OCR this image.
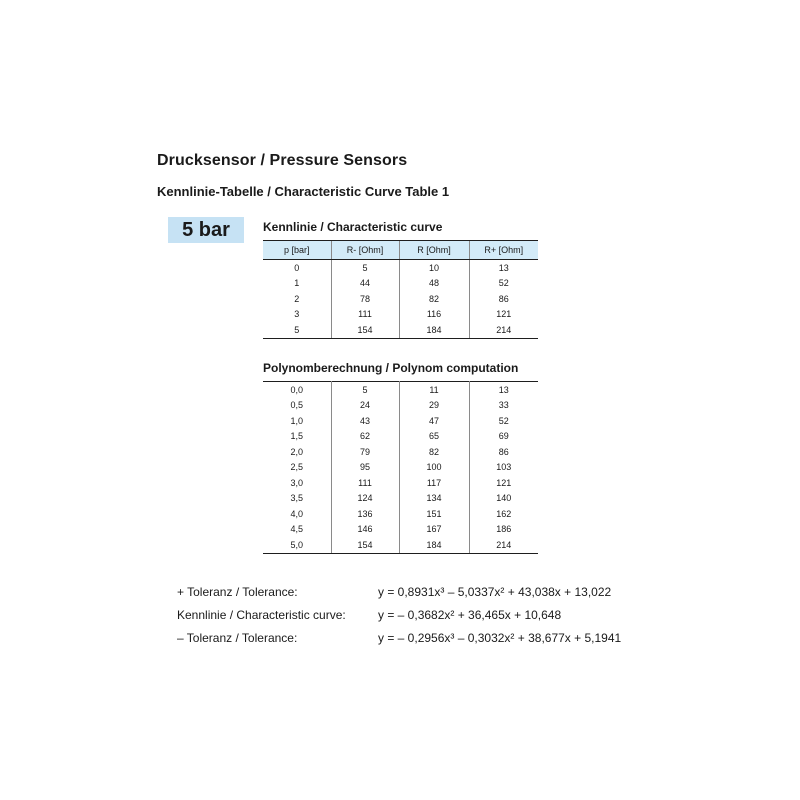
Drucksensor / Pressure Sensors
Kennlinie-Tabelle / Characteristic Curve Table 1
5 bar	Kennlinie / Characteristic curve
p [bar]	R- [Ohm]	R [Ohm]	R+ [Ohm]
0	5	10	13
1	44	48	52
2	78	82	86
3	111	116	121
5	154	184	214
Polynomberechnung / Polynom computation
0,0	5	11	13
0,5	24	29	33
1,0	43	47	52
1,5	62	65	69
2,0	79	82	86
2,5	95	100	103
3,0	111	117	121
3,5	124	134	140
4,0	136	151	162
4,5	146	167	186
5,0	154	184	214
+ Toleranz / Tolerance:	y = 0,8931x³ – 5,0337x² + 43,038x + 13,022
Kennlinie / Characteristic curve:	y = – 0,3682x² + 36,465x + 10,648
– Toleranz / Tolerance:	y = – 0,2956x³ – 0,3032x² + 38,677x + 5,1941
